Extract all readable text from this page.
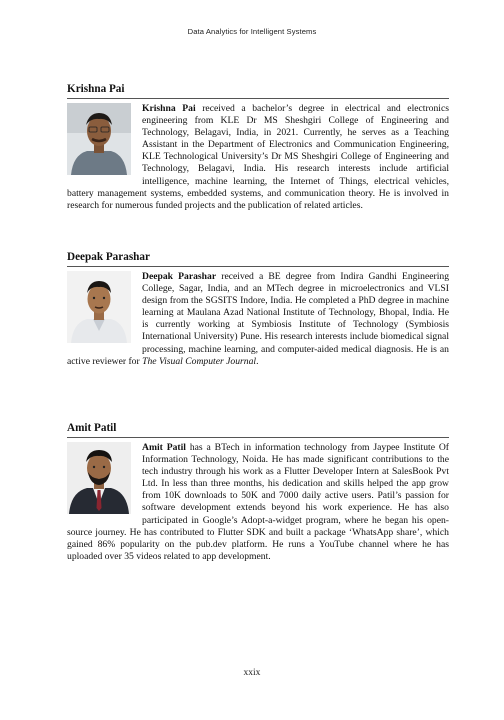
Data Analytics for Intelligent Systems
Krishna Pai
Krishna Pai received a bachelor’s degree in electrical and electronics engineering from KLE Dr MS Sheshgiri College of Engineering and Technology, Belagavi, India, in 2021. Currently, he serves as a Teaching Assistant in the Department of Electronics and Communication Engineering, KLE Technological University’s Dr MS Sheshgiri College of Engineering and Technology, Belagavi, India. His research interests include artificial intelligence, machine learning, the Internet of Things, electrical vehicles, battery management systems, embedded systems, and communication theory. He is involved in research for numerous funded projects and the publication of related articles.
Deepak Parashar
Deepak Parashar received a BE degree from Indira Gandhi Engineering College, Sagar, India, and an MTech degree in microelectronics and VLSI design from the SGSITS Indore, India. He completed a PhD degree in machine learning at Maulana Azad National Institute of Technology, Bhopal, India. He is currently working at Symbiosis Institute of Technology (Symbiosis International University) Pune. His research interests include biomedical signal processing, machine learning, and computer-aided medical diagnosis. He is an active reviewer for The Visual Computer Journal.
Amit Patil
Amit Patil has a BTech in information technology from Jaypee Institute Of Information Technology, Noida. He has made significant contributions to the tech industry through his work as a Flutter Developer Intern at SalesBook Pvt Ltd. In less than three months, his dedication and skills helped the app grow from 10K downloads to 50K and 7000 daily active users. Patil’s passion for software development extends beyond his work experience. He has also participated in Google’s Adopt-a-widget program, where he began his open-source journey. He has contributed to Flutter SDK and built a package ‘WhatsApp share’, which gained 86% popularity on the pub.dev platform. He runs a YouTube channel where he has uploaded over 35 videos related to app development.
xxix
